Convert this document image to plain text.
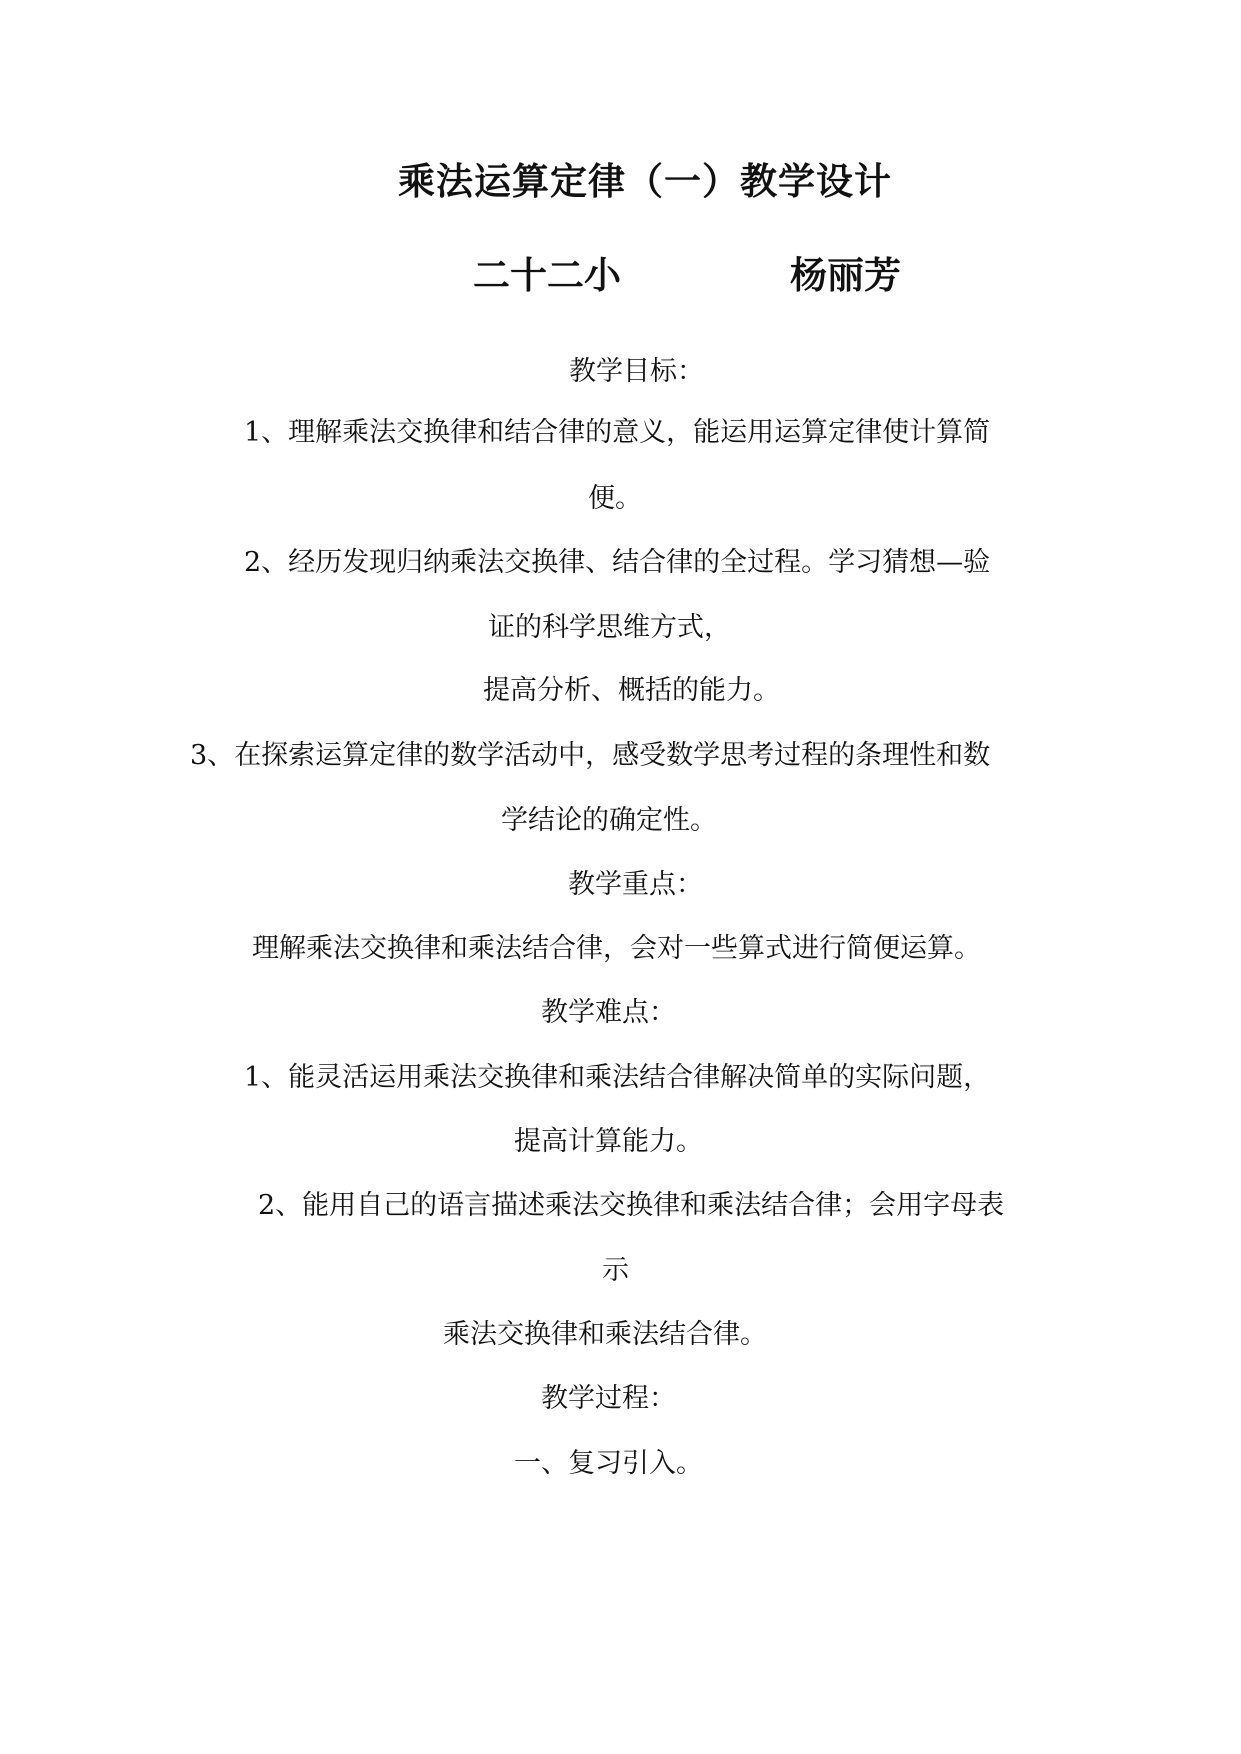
乘法运算定律（一）教学设计
二十二小	杨丽芳
教学目标：
1、理解乘法交换律和结合律的意义，能运用运算定律使计算简
便。
2、经历发现归纳乘法交换律、结合律的全过程。学习猜想—验
证的科学思维方式，
提高分析、概括的能力。
3、在探索运算定律的数学活动中，感受数学思考过程的条理性和数
学结论的确定性。
教学重点：
理解乘法交换律和乘法结合律，会对一些算式进行简便运算。
教学难点：
1、能灵活运用乘法交换律和乘法结合律解决简单的实际问题，
提高计算能力。
2、能用自己的语言描述乘法交换律和乘法结合律；会用字母表
示
乘法交换律和乘法结合律。
教学过程：
一、复习引入。
